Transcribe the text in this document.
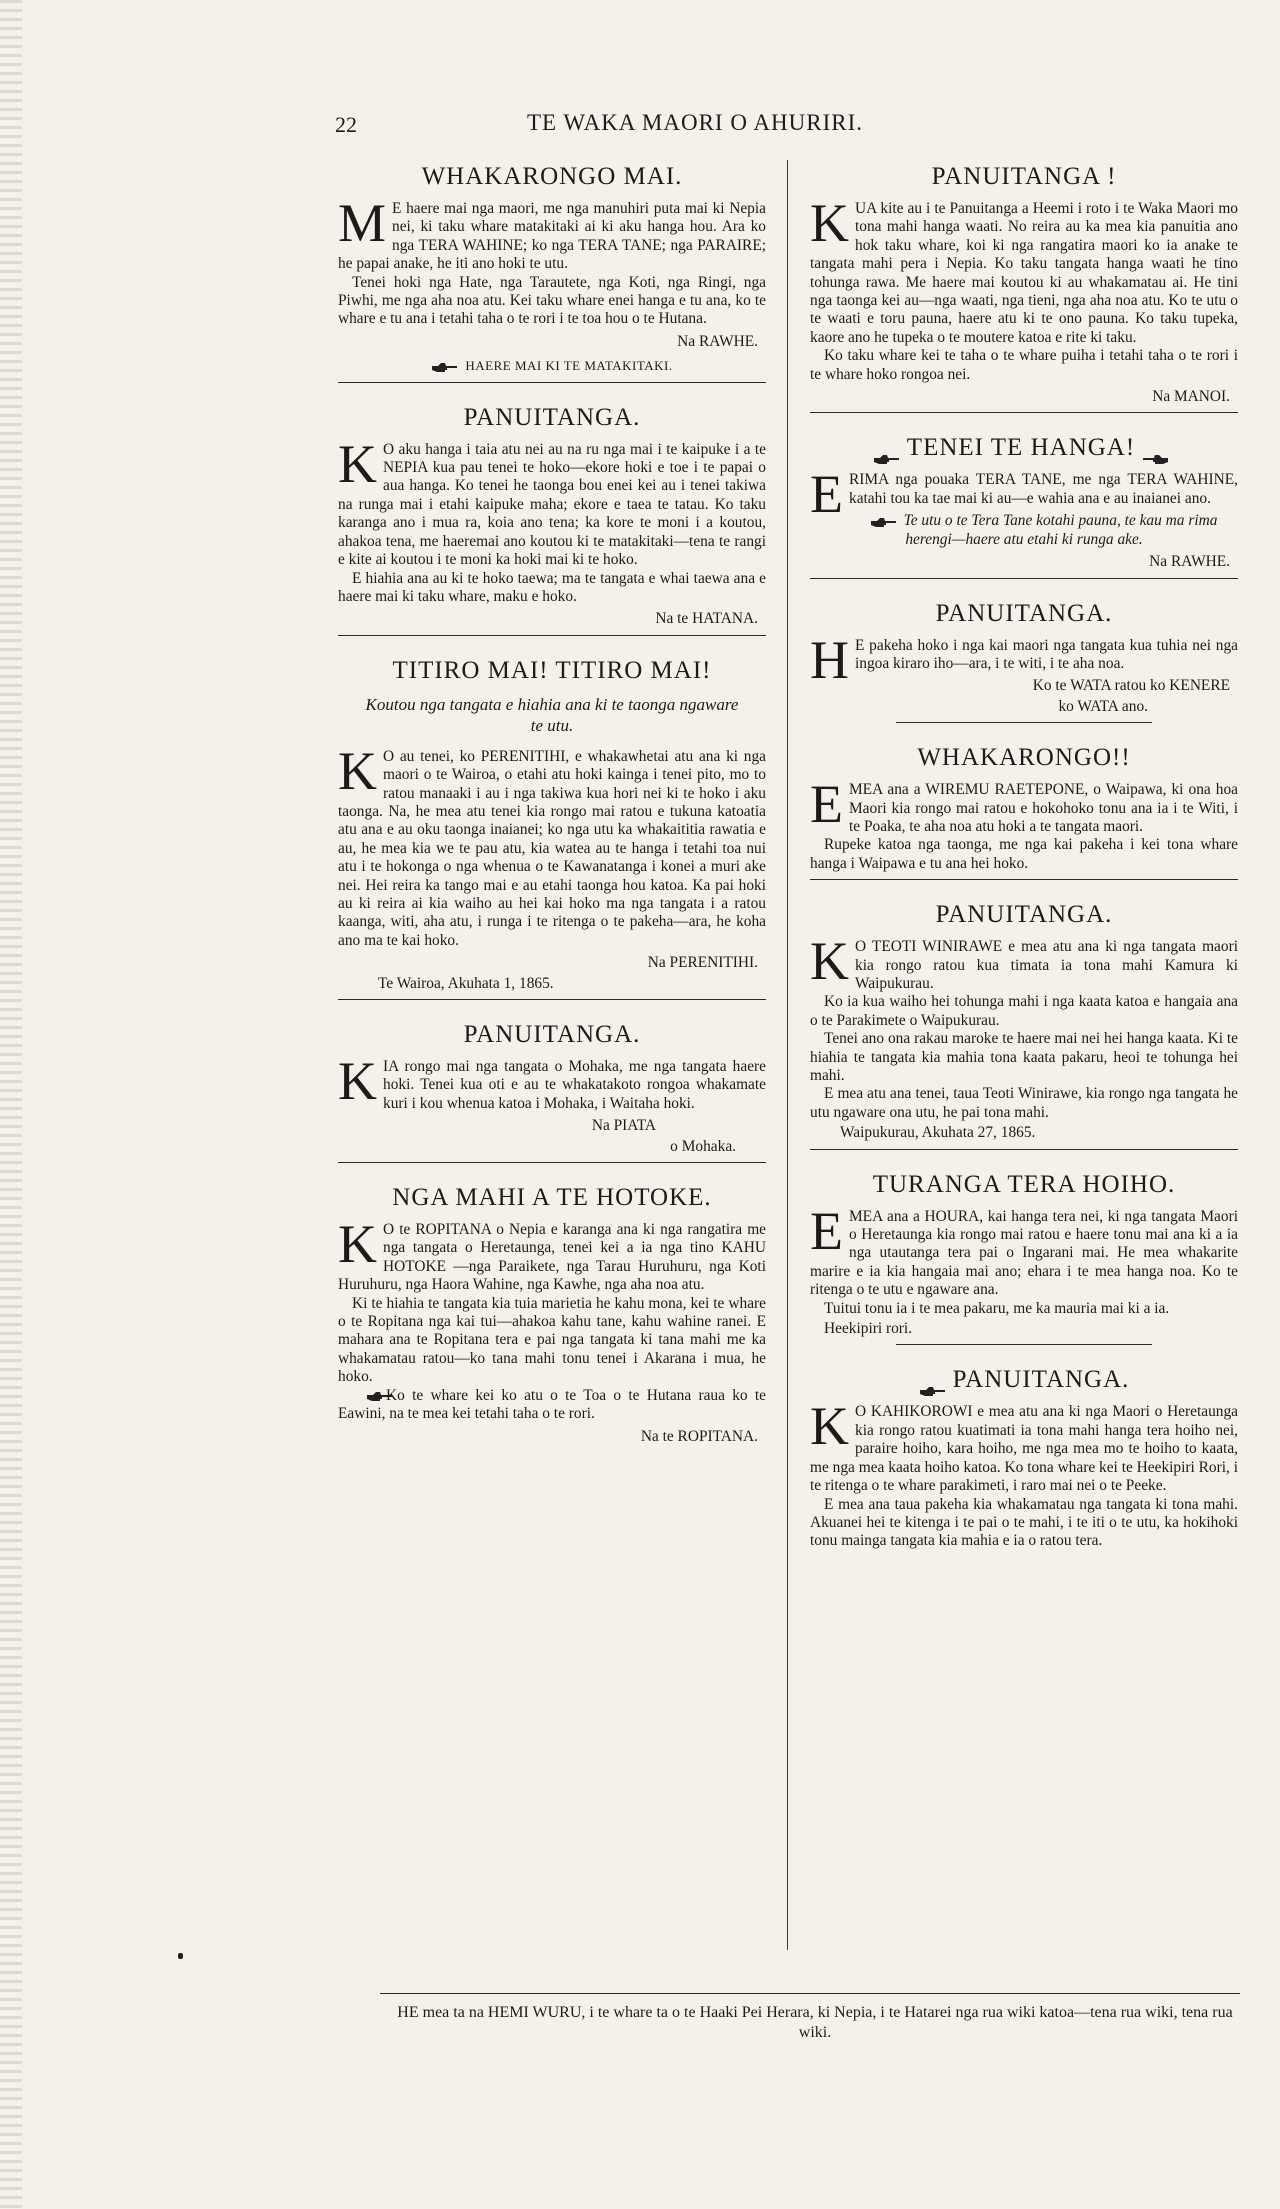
22	TE WAKA MAORI O AHURIRI.
WHAKARONGO MAI.

M E haere mai nga maori, me nga manuhiri puta mai ki Nepia nei, ki taku whare matakitaki ai ki aku hanga hou. Ara ko nga TERA WAHINE; ko nga TERA TANE; nga PARAIRE; he papai anake, he iti ano hoki te utu.

Tenei hoki nga Hate, nga Tarautete, nga Koti, nga Ringi, nga Piwhi, me nga aha noa atu. Kei taku whare enei hanga e tu ana, ko te whare e tu ana i tetahi taha o te rori i te toa hou o te Hutana.

Na RAWHE.
HAERE MAI KI TE MATAKITAKI.
PANUITANGA.

K O aku hanga i taia atu nei au na ru nga mai i te kaipuke i a te NEPIA kua pau tenei te hoko—ekore hoki e toe i te papai o aua hanga. Ko tenei he taonga bou enei kei au i tenei takiwa na runga mai i etahi kaipuke maha; ekore e taea te tatau. Ko taku karanga ano i mua ra, koia ano tena; ka kore te moni i a koutou, ahakoa tena, me haeremai ano koutou ki te matakitaki—tena te rangi e kite ai koutou i te moni ka hoki mai ki te hoko.

E hiahia ana au ki te hoko taewa; ma te tangata e whai taewa ana e haere mai ki taku whare, maku e hoko.

Na te HATANA.
TITIRO MAI! TITIRO MAI!
Koutou nga tangata e hiahia ana ki te taonga ngaware te utu.

K O au tenei, ko PERENITIHI, e whakawhetai atu ana ki nga maori o te Wairoa, o etahi atu hoki kainga i tenei pito, mo to ratou manaaki i au i nga takiwa kua hori nei ki te hoko i aku taonga. Na, he mea atu tenei kia rongo mai ratou e tukuna katoatia atu ana e au oku taonga inaianei; ko nga utu ka whakaititia rawatia e au, he mea kia we te pau atu, kia watea au te hanga i tetahi toa nui atu i te hokonga o nga whenua o te Kawanatanga i konei a muri ake nei. Hei reira ka tango mai e au etahi taonga hou katoa. Ka pai hoki au ki reira ai kia waiho au hei kai hoko ma nga tangata i a ratou kaanga, witi, aha atu, i runga i te ritenga o te pakeha—ara, he koha ano ma te kai hoko.

Na PERENITIHI.
Te Wairoa, Akuhata 1, 1865.
PANUITANGA.

KIA rongo mai nga tangata o Mohaka, me nga tangata haere hoki. Tenei kua oti e au te whakatakoto rongoa whakamate kuri i kou whenua katoa i Mohaka, i Waitaha hoki.

Na PIATA
o Mohaka.
NGA MAHI A TE HOTOKE.

K O te ROPITANA o Nepia e karanga ana ki nga rangatira me nga tangata o Heretaunga, tenei kei a ia nga tino KAHU HOTOKE —nga Paraikete, nga Tarau Huruhuru, nga Koti Huruhuru, nga Haora Wahine, nga Kawhe, nga aha noa atu.

Ki te hiahia te tangata kia tuia marietia he kahu mona, kei te whare o te Ropitana nga kai tui—ahakoa kahu tane, kahu wahine ranei. E mahara ana te Ropitana tera e pai nga tangata ki tana mahi me ka whakamatau ratou—ko tana mahi tonu tenei i Akarana i mua, he hoko.

Ko te whare kei ko atu o te Toa o te Hutana raua ko te Eawini, na te mea kei tetahi taha o te rori.

Na te ROPITANA.
PANUITANGA !

KUA kite au i te Panuitanga a Heemi i roto i te Waka Maori mo tona mahi hanga waati. No reira au ka mea kia panuitia ano hok taku whare, koi ki nga rangatira maori ko ia anake te tangata mahi pera i Nepia. Ko taku tangata hanga waati he tino tohunga rawa. Me haere mai koutou ki au whakamatau ai. He tini nga taonga kei au—nga waati, nga tieni, nga aha noa atu. Ko te utu o te waati e toru pauna, haere atu ki te ono pauna. Ko taku tupeka, kaore ano he tupeka o te moutere katoa e rite ki taku.

Ko taku whare kei te taha o te whare puiha i tetahi taha o te rori i te whare hoko rongoa nei.

Na MANOI.
TENEI TE HANGA!

ERIMA nga pouaka TERA TANE, me nga TERA WAHINE, katahi tou ka tae mai ki au—e wahia ana e au inaianei ano.

Te utu o te Tera Tane kotahi pauna, te kau ma rima herengi—haere atu etahi ki runga ake.
Na RAWHE.
PANUITANGA.

H E pakeha hoko i nga kai maori nga tangata kua tuhia nei nga ingoa kiraro iho—ara, i te witi, i te aha noa.

Ko te WATA ratou ko KENERE
ko WATA ano.
WHAKARONGO!!

EMEA ana a WIREMU RAETEPONE, o Waipawa, ki ona hoa Maori kia rongo mai ratou e hokohoko tonu ana ia i te Witi, i te Poaka, te aha noa atu hoki a te tangata maori.

Rupeke katoa nga taonga, me nga kai pakeha i kei tona whare hanga i Waipawa e tu ana hei hoko.

PANUITANGA.

K O TEOTI WINIRAWE e mea atu ana ki nga tangata maori kia rongo ratou kua timata ia tona mahi Kamura ki Waipukurau.

Ko ia kua waiho hei tohunga mahi i nga kaata katoa e hangaia ana o te Parakimete o Waipukurau.

Tenei ano ona rakau maroke te haere mai nei hei hanga kaata. Ki te hiahia te tangata kia mahia tona kaata pakaru, heoi te tohunga hei mahi.

E mea atu ana tenei, taua Teoti Winirawe, kia rongo nga tangata he utu ngaware ona utu, he pai tona mahi.

Waipukurau, Akuhata 27, 1865.
TURANGA TERA HOIHO.

EMEA ana a HOURA, kai hanga tera nei, ki nga tangata Maori o Heretaunga kia rongo mai ratou e haere tonu mai ana ki a ia nga utautanga tera pai o Ingarani mai. He mea whakarite marire e ia kia hangaia mai ano; ehara i te mea hanga noa. Ko te ritenga o te utu e ngaware ana.

Tuitui tonu ia i te mea pakaru, me ka mauria mai ki a ia.

Heekipiri rori.
PANUITANGA.

K O KAHIKOROWI e mea atu ana ki nga Maori o Heretaunga kia rongo ratou kuatimati ia tona mahi hanga tera hoiho nei, paraire hoiho, kara hoiho, me nga mea mo te hoiho to kaata, me nga mea kaata hoiho katoa. Ko tona whare kei te Heekipiri Rori, i te ritenga o te whare parakimeti, i raro mai nei o te Peeke.

E mea ana taua pakeha kia whakamatau nga tangata ki tona mahi. Akuanei hei te kitenga i te pai o te mahi, i te iti o te utu, ka hokihoki tonu mainga tangata kia mahia e ia o ratou tera.

HE mea ta na HEMI WURU, i te whare ta o te Haaki Pei Herara, ki Nepia, i te Hatarei nga rua wiki katoa—tena rua wiki, tena rua wiki.
